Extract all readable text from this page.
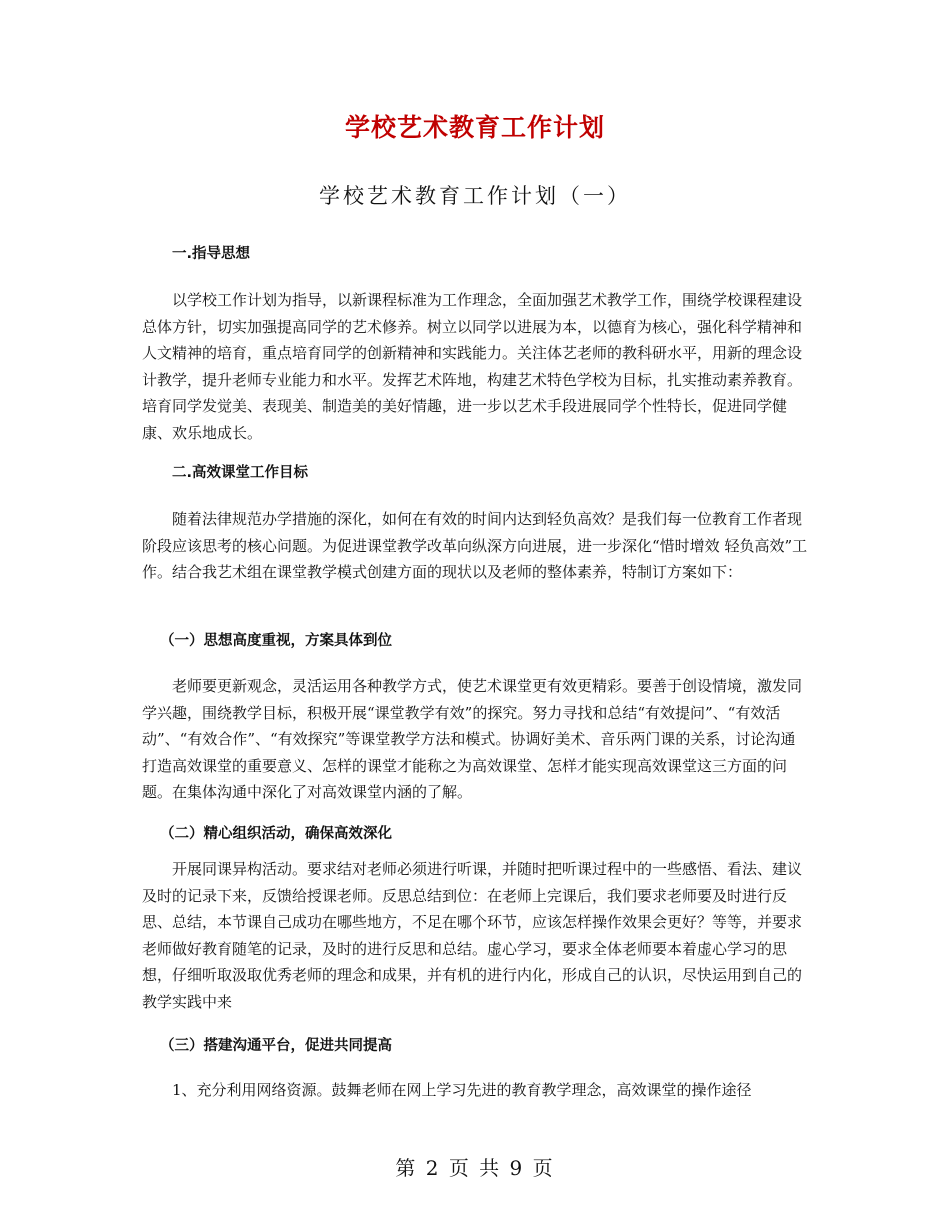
学校艺术教育工作计划
学校艺术教育工作计划（一）
一.指导思想

以学校工作计划为指导，以新课程标准为工作理念，全面加强艺术教学工作，围绕学校课程建设总体方针，切实加强提高同学的艺术修养。树立以同学以进展为本，以德育为核心，强化科学精神和人文精神的培育，重点培育同学的创新精神和实践能力。关注体艺老师的教科研水平，用新的理念设计教学，提升老师专业能力和水平。发挥艺术阵地，构建艺术特色学校为目标，扎实推动素养教育。培育同学发觉美、表现美、制造美的美好情趣，进一步以艺术手段进展同学个性特长，促进同学健康、欢乐地成长。

二.高效课堂工作目标

随着法律规范办学措施的深化，如何在有效的时间内达到轻负高效？是我们每一位教育工作者现阶段应该思考的核心问题。为促进课堂教学改革向纵深方向进展，进一步深化“惜时增效 轻负高效”工作。结合我艺术组在课堂教学模式创建方面的现状以及老师的整体素养，特制订方案如下：

（一）思想高度重视，方案具体到位

老师要更新观念，灵活运用各种教学方式，使艺术课堂更有效更精彩。要善于创设情境，激发同学兴趣，围绕教学目标，积极开展“课堂教学有效”的探究。努力寻找和总结“有效提问”、“有效活动”、“有效合作”、“有效探究”等课堂教学方法和模式。协调好美术、音乐两门课的关系，讨论沟通打造高效课堂的重要意义、怎样的课堂才能称之为高效课堂、怎样才能实现高效课堂这三方面的问题。在集体沟通中深化了对高效课堂内涵的了解。

（二）精心组织活动，确保高效深化

开展同课异构活动。要求结对老师必须进行听课，并随时把听课过程中的一些感悟、看法、建议及时的记录下来，反馈给授课老师。反思总结到位：在老师上完课后，我们要求老师要及时进行反思、总结，本节课自己成功在哪些地方，不足在哪个环节，应该怎样操作效果会更好？等等，并要求老师做好教育随笔的记录，及时的进行反思和总结。虚心学习，要求全体老师要本着虚心学习的思想，仔细听取汲取优秀老师的理念和成果，并有机的进行内化，形成自己的认识，尽快运用到自己的教学实践中来

（三）搭建沟通平台，促进共同提高

1、充分利用网络资源。鼓舞老师在网上学习先进的教育教学理念，高效课堂的操作途径

第 2 页 共 9 页
